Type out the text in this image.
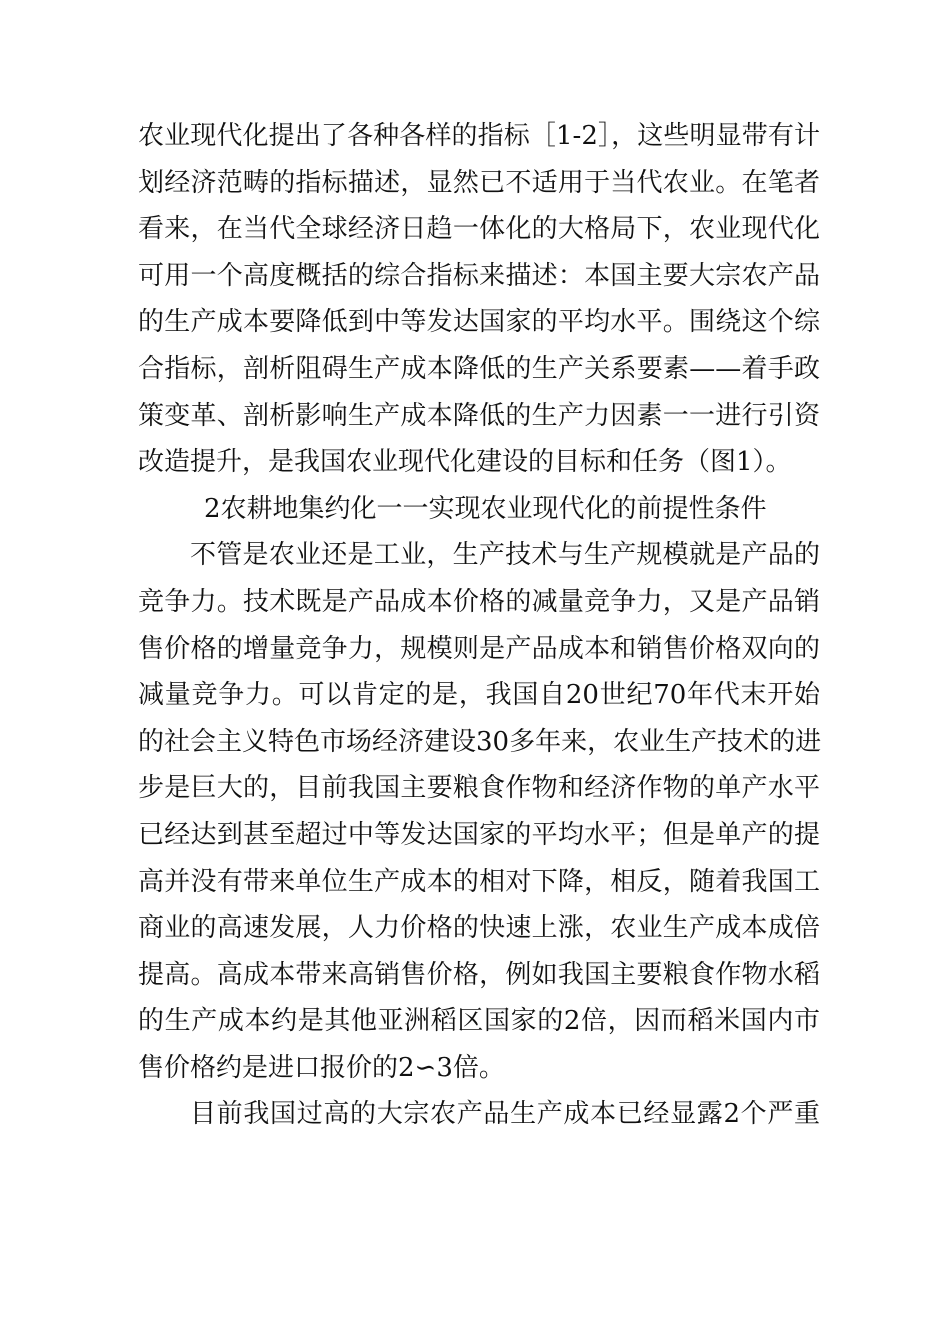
农业现代化提出了各种各样的指标［1-2］，这些明显带有计
划经济范畴的指标描述，显然已不适用于当代农业。在笔者
看来，在当代全球经济日趋一体化的大格局下，农业现代化
可用一个高度概括的综合指标来描述：本国主要大宗农产品
的生产成本要降低到中等发达国家的平均水平。围绕这个综
合指标，剖析阻碍生产成本降低的生产关系要素——着手政
策变革、剖析影响生产成本降低的生产力因素一一进行引资
改造提升，是我国农业现代化建设的目标和任务（图1）。
2农耕地集约化一一实现农业现代化的前提性条件
不管是农业还是工业，生产技术与生产规模就是产品的
竞争力。技术既是产品成本价格的减量竞争力，又是产品销
售价格的增量竞争力，规模则是产品成本和销售价格双向的
减量竞争力。可以肯定的是，我国自20世纪70年代末开始
的社会主义特色市场经济建设30多年来，农业生产技术的进
步是巨大的，目前我国主要粮食作物和经济作物的单产水平
已经达到甚至超过中等发达国家的平均水平；但是单产的提
高并没有带来单位生产成本的相对下降，相反，随着我国工
商业的高速发展，人力价格的快速上涨，农业生产成本成倍
提高。高成本带来高销售价格，例如我国主要粮食作物水稻
的生产成本约是其他亚洲稻区国家的2倍，因而稻米国内市
售价格约是进口报价的2∽3倍。
目前我国过高的大宗农产品生产成本已经显露2个严重
